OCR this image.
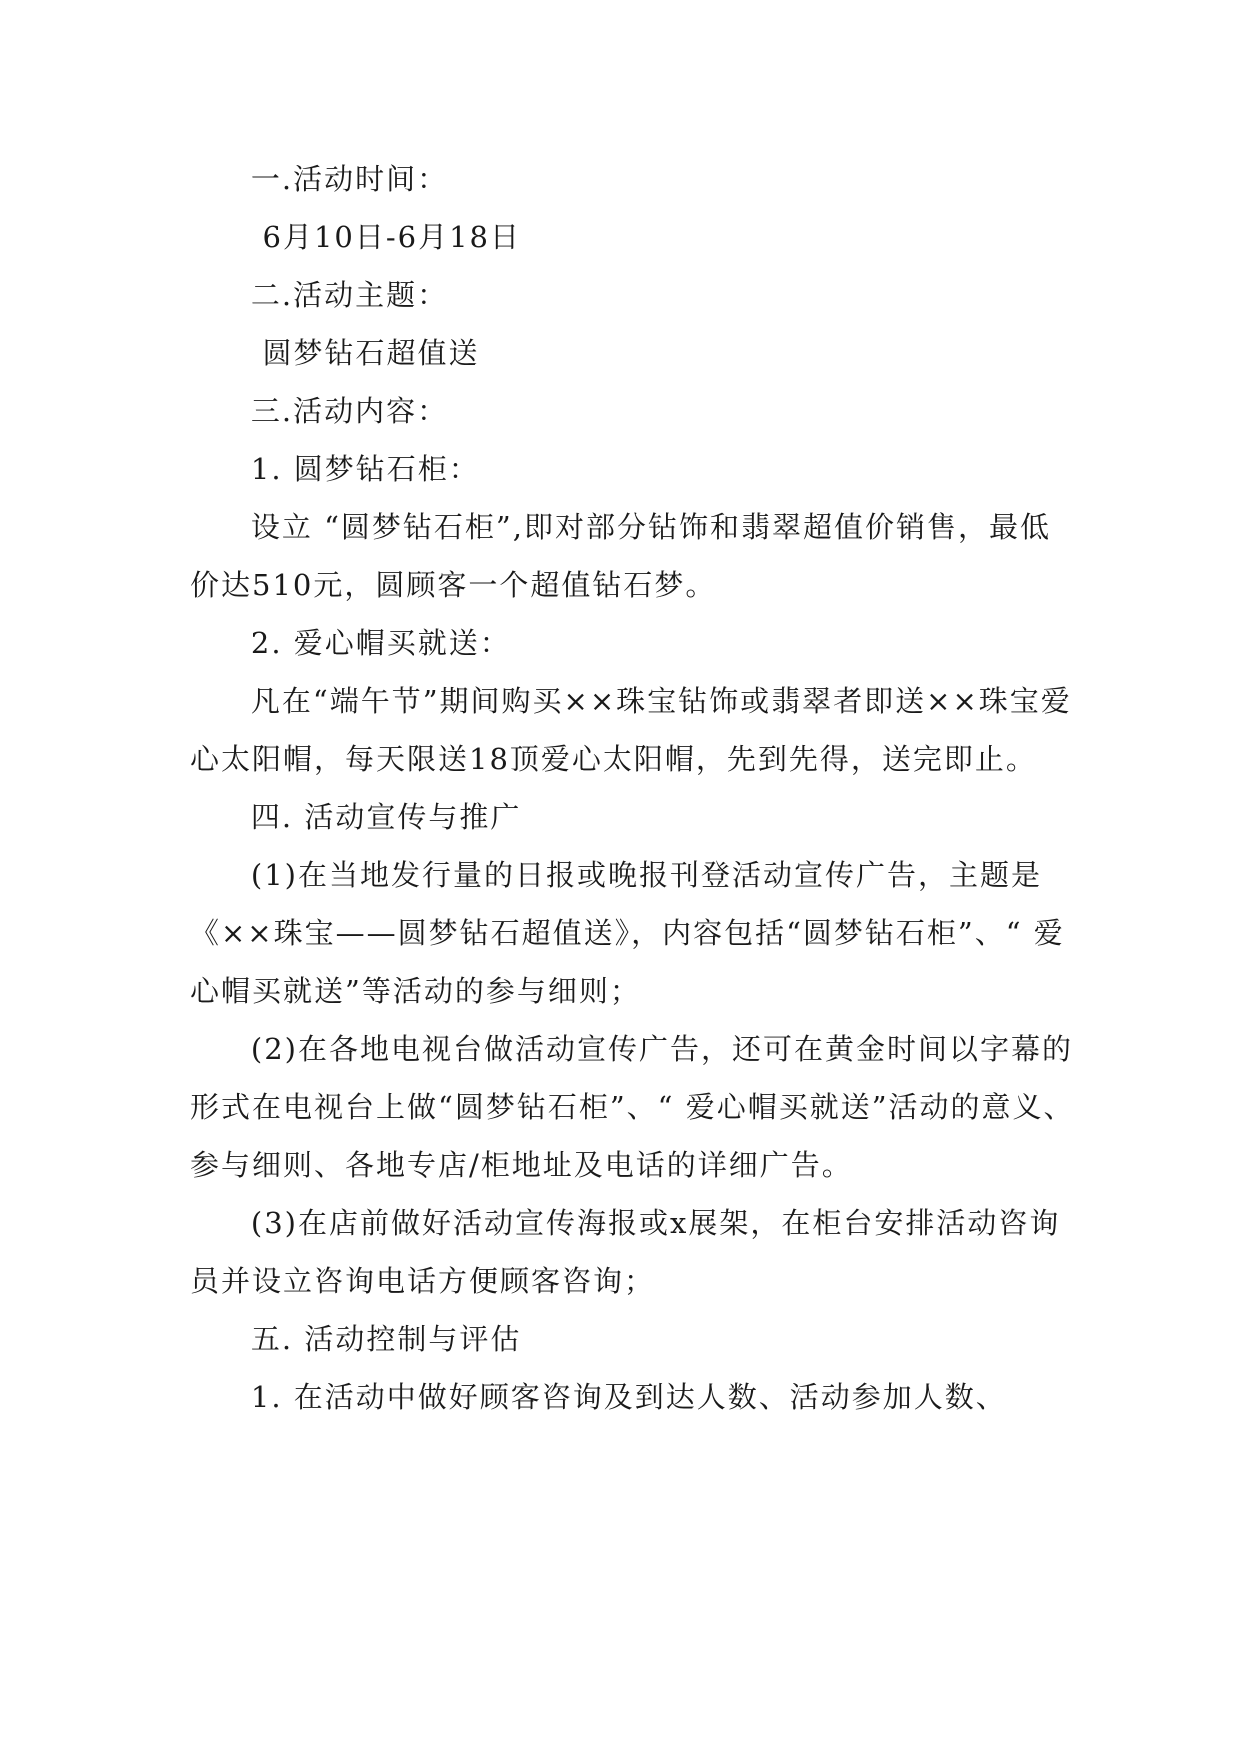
一.活动时间：

6月10日-6月18日

二.活动主题：

圆梦钻石超值送

三.活动内容：

1. 圆梦钻石柜：

设立 “圆梦钻石柜”,即对部分钻饰和翡翠超值价销售，最低价达510元，圆顾客一个超值钻石梦。

2. 爱心帽买就送：

凡在“端午节”期间购买××珠宝钻饰或翡翠者即送××珠宝爱心太阳帽，每天限送18顶爱心太阳帽，先到先得，送完即止。

四. 活动宣传与推广

(1)在当地发行量的日报或晚报刊登活动宣传广告，主题是《××珠宝——圆梦钻石超值送》，内容包括“圆梦钻石柜”、“ 爱心帽买就送”等活动的参与细则；

(2)在各地电视台做活动宣传广告，还可在黄金时间以字幕的形式在电视台上做“圆梦钻石柜”、“ 爱心帽买就送”活动的意义、参与细则、各地专店/柜地址及电话的详细广告。

(3)在店前做好活动宣传海报或x展架，在柜台安排活动咨询员并设立咨询电话方便顾客咨询；

五. 活动控制与评估

1. 在活动中做好顾客咨询及到达人数、活动参加人数、
